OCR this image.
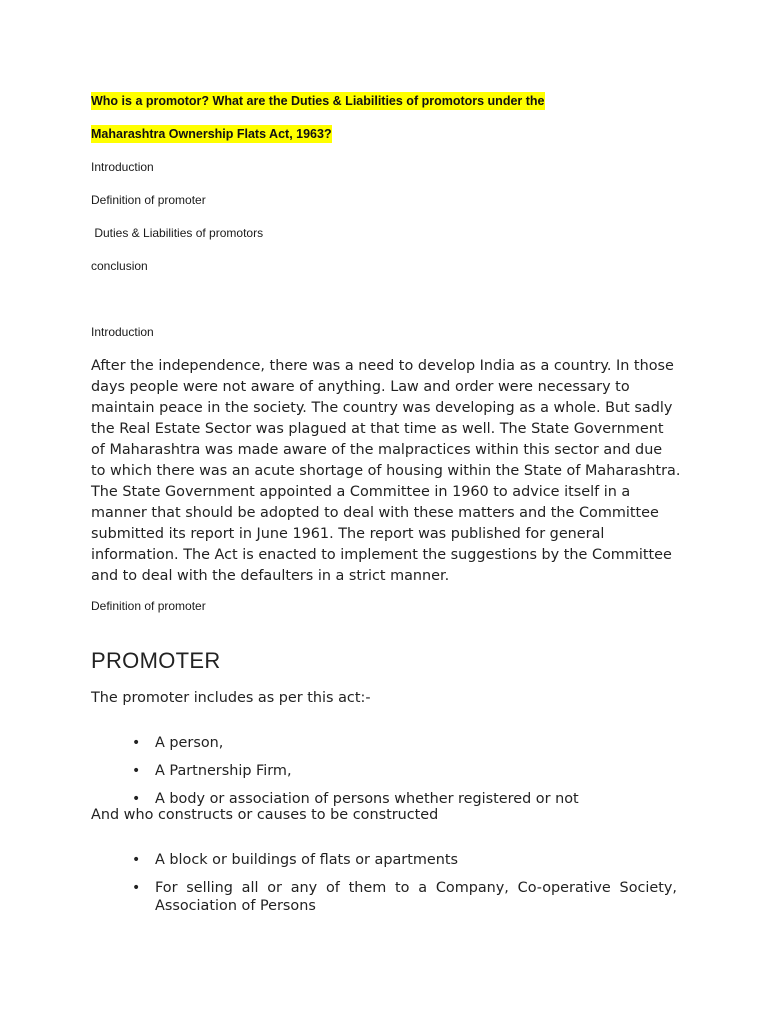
Who is a promotor? What are the Duties & Liabilities of promotors under the
Maharashtra Ownership Flats Act, 1963?
Introduction
Definition of promoter
Duties & Liabilities of promotors
conclusion
Introduction
After the independence, there was a need to develop India as a country. In those days people were not aware of anything. Law and order were necessary to maintain peace in the society. The country was developing as a whole. But sadly the Real Estate Sector was plagued at that time as well. The State Government of Maharashtra was made aware of the malpractices within this sector and due to which there was an acute shortage of housing within the State of Maharashtra. The State Government appointed a Committee in 1960 to advice itself in a manner that should be adopted to deal with these matters and the Committee submitted its report in June 1961. The report was published for general information. The Act is enacted to implement the suggestions by the Committee and to deal with the defaulters in a strict manner.
Definition of promoter
PROMOTER
The promoter includes as per this act:-
• A person,
• A Partnership Firm,
• A body or association of persons whether registered or not
And who constructs or causes to be constructed
• A block or buildings of flats or apartments
• For selling all or any of them to a Company, Co-operative Society, Association of Persons
